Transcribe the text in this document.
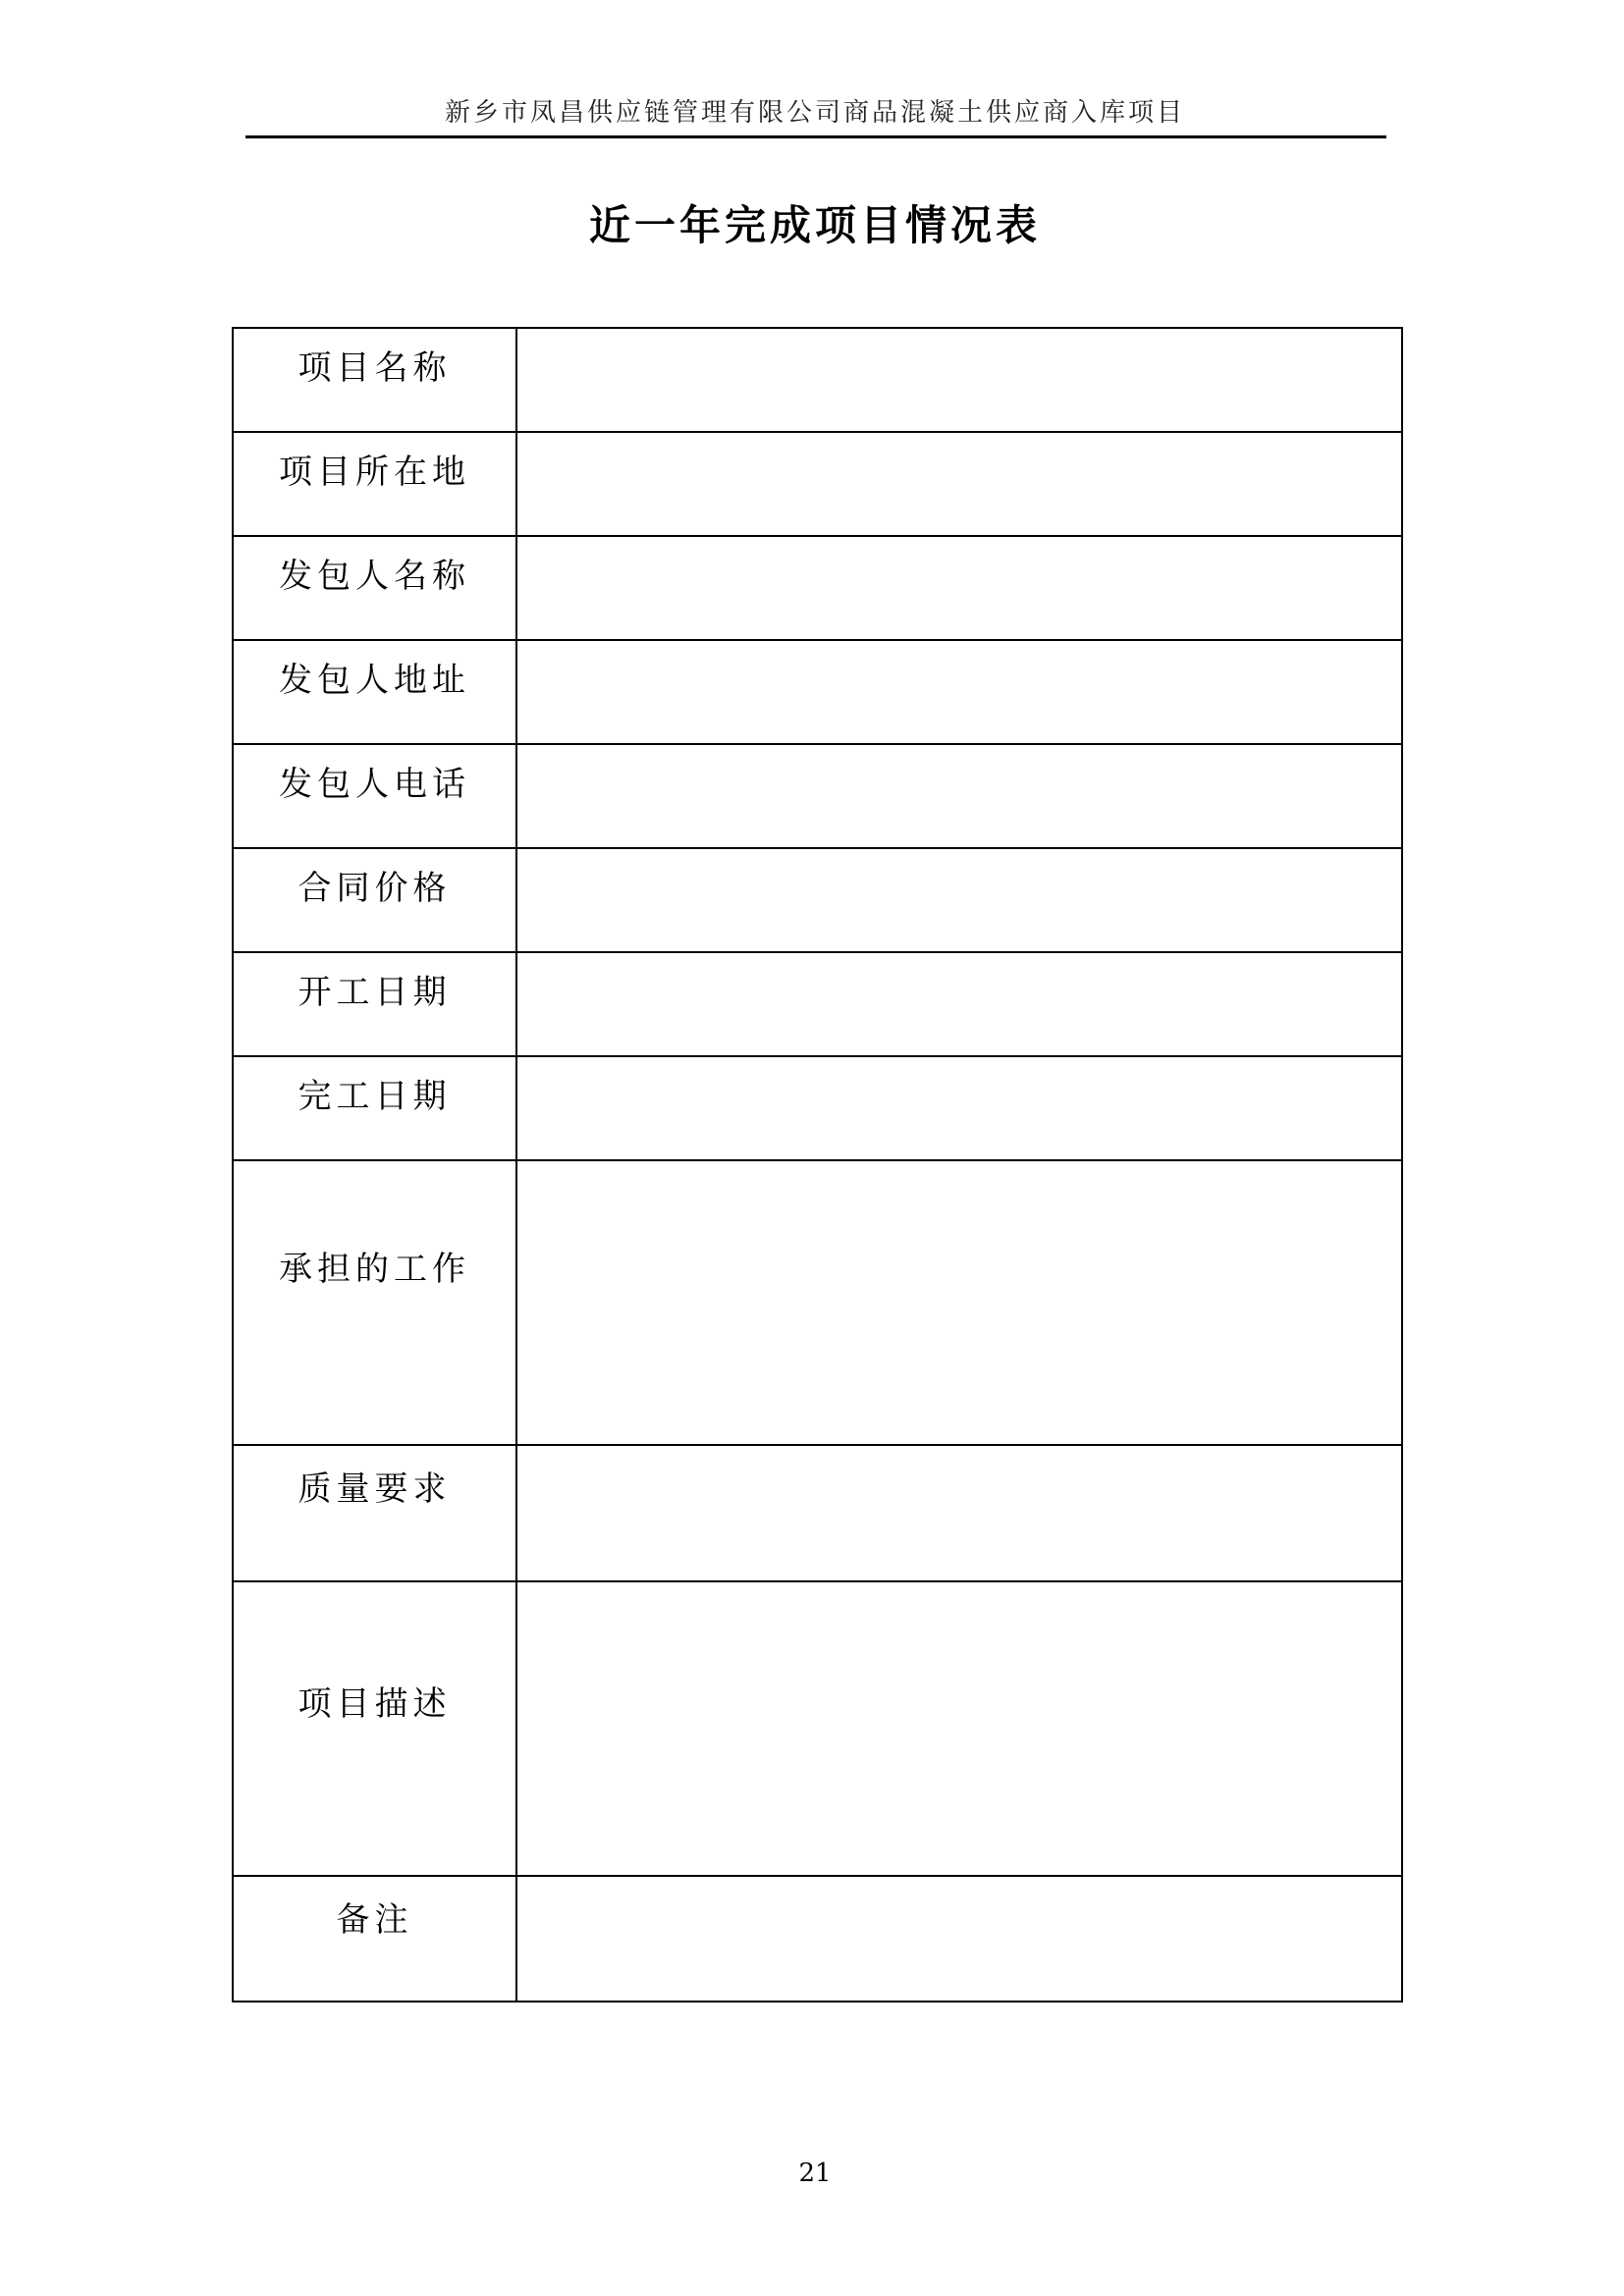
新乡市凤昌供应链管理有限公司商品混凝土供应商入库项目
近一年完成项目情况表
项目名称	

项目所在地	

发包人名称	

发包人地址	

发包人电话	

合同价格	

开工日期	

完工日期	

承担的工作	

质量要求	

项目描述	

备注	

21
